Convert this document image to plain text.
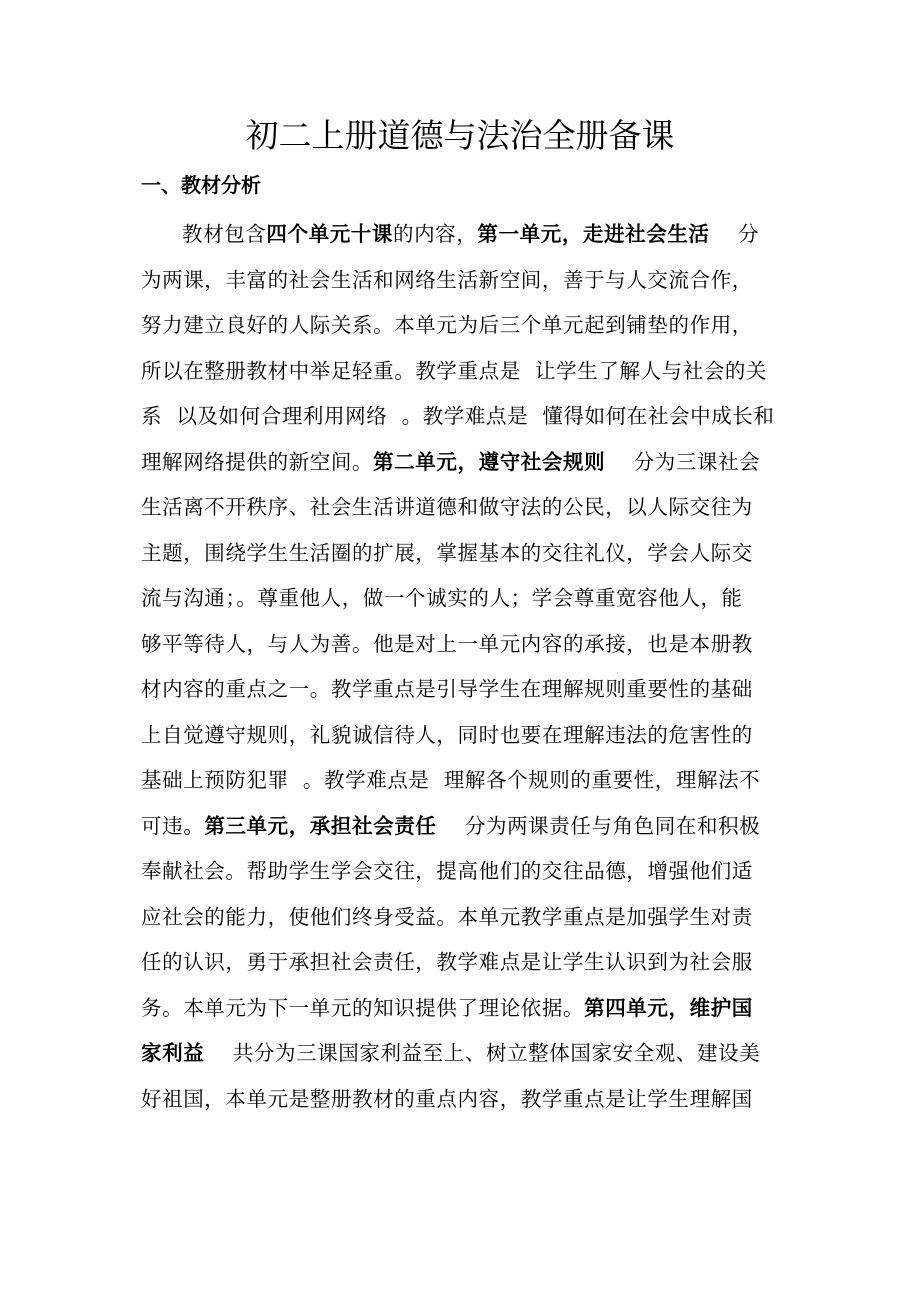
初二上册道德与法治全册备课
一、教材分析
教材包含四个单元十课的内容，第一单元，走进社会生活    分
为两课，丰富的社会生活和网络生活新空间，善于与人交流合作，
努力建立良好的人际关系。本单元为后三个单元起到铺垫的作用，
所以在整册教材中举足轻重。教学重点是  让学生了解人与社会的关
系  以及如何合理利用网络  。教学难点是  懂得如何在社会中成长和
理解网络提供的新空间。第二单元，遵守社会规则    分为三课社会
生活离不开秩序、社会生活讲道德和做守法的公民，以人际交往为
主题，围绕学生生活圈的扩展，掌握基本的交往礼仪，学会人际交
流与沟通；。尊重他人，做一个诚实的人；学会尊重宽容他人，能
够平等待人，与人为善。他是对上一单元内容的承接，也是本册教
材内容的重点之一。教学重点是引导学生在理解规则重要性的基础
上自觉遵守规则，礼貌诚信待人，同时也要在理解违法的危害性的
基础上预防犯罪  。教学难点是  理解各个规则的重要性，理解法不
可违。第三单元，承担社会责任    分为两课责任与角色同在和积极
奉献社会。帮助学生学会交往，提高他们的交往品德，增强他们适
应社会的能力，使他们终身受益。本单元教学重点是加强学生对责
任的认识，勇于承担社会责任，教学难点是让学生认识到为社会服
务。本单元为下一单元的知识提供了理论依据。第四单元，维护国
家利益    共分为三课国家利益至上、树立整体国家安全观、建设美
好祖国，本单元是整册教材的重点内容，教学重点是让学生理解国
